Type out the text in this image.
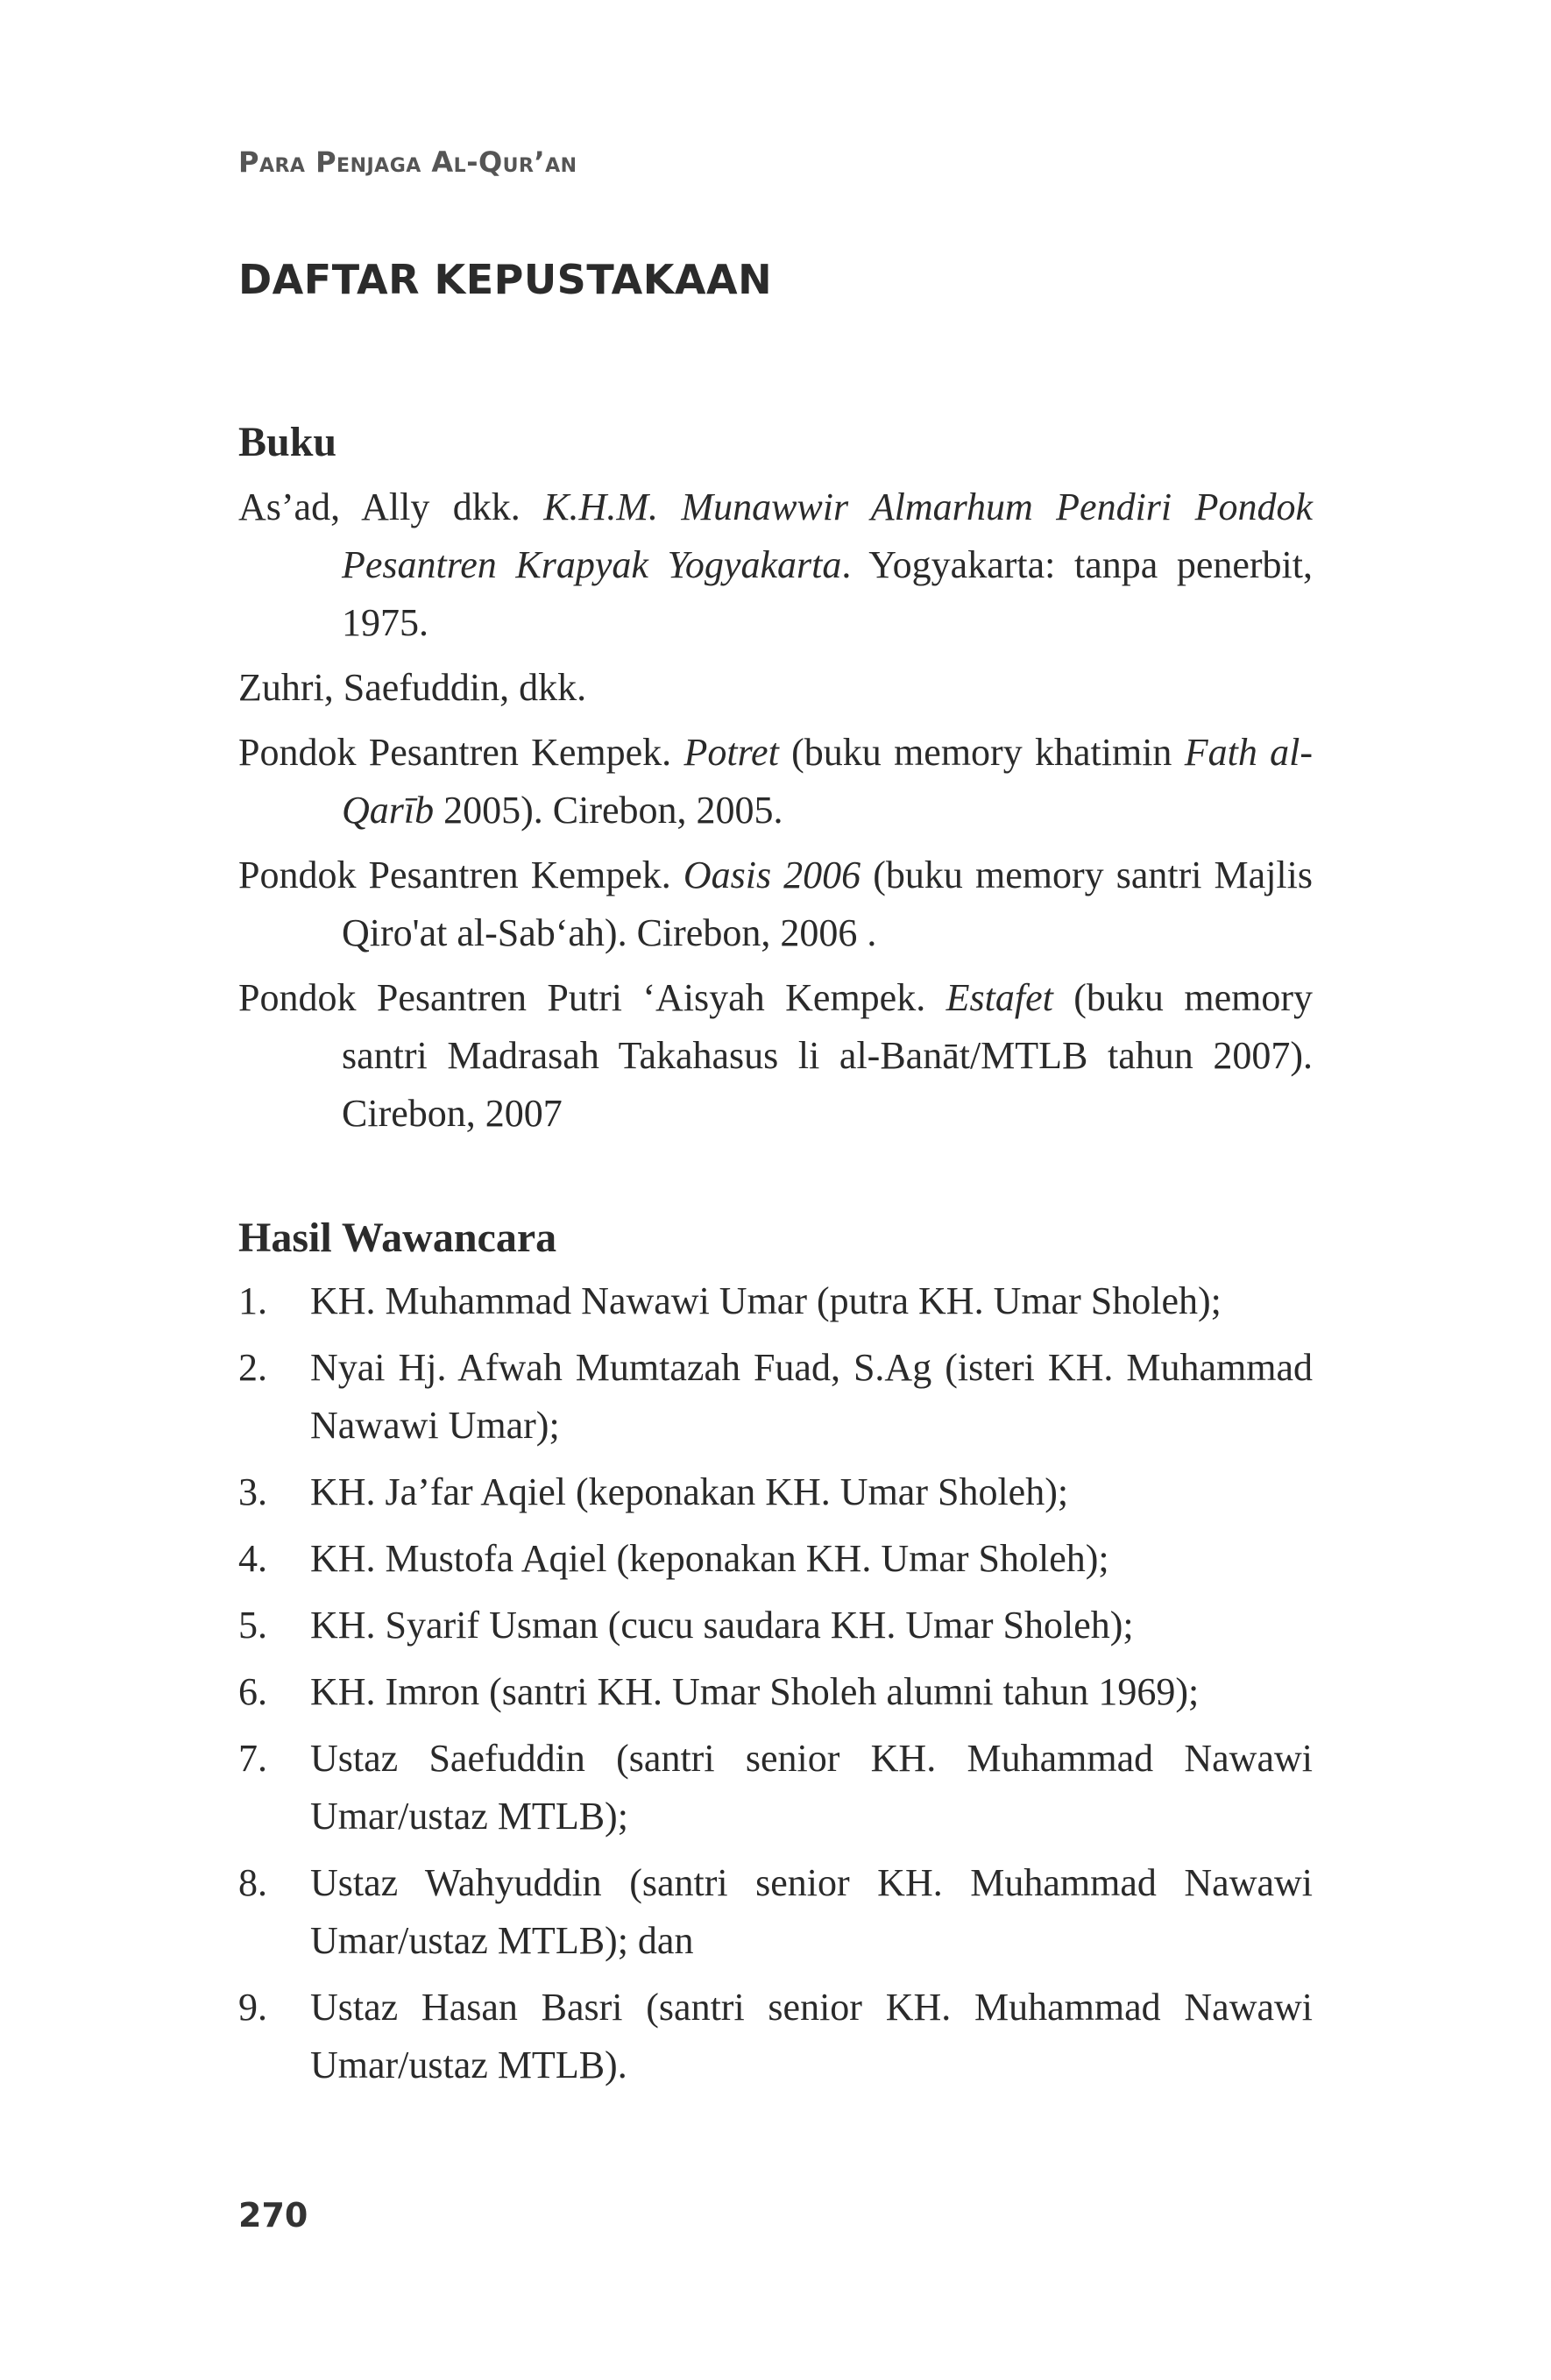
Para Penjaga Al-Qur’an
DAFTAR KEPUSTAKAAN
Buku

As’ad, Ally dkk. K.H.M. Munawwir Almarhum Pendiri Pondok Pesantren Krapyak Yogyakarta. Yogyakarta: tanpa penerbit, 1975.

Zuhri, Saefuddin, dkk.

Pondok Pesantren Kempek. Potret (buku memory khatimin Fath al-Qarīb 2005). Cirebon, 2005.

Pondok Pesantren Kempek. Oasis 2006 (buku memory santri Majlis Qiro'at al-Sab‘ah). Cirebon, 2006 .

Pondok Pesantren Putri ‘Aisyah Kempek. Estafet (buku memory santri Madrasah Takahasus li al-Banāt/MTLB tahun 2007). Cirebon, 2007

Hasil Wawancara
1. KH. Muhammad Nawawi Umar (putra KH. Umar Sholeh);
2. Nyai Hj. Afwah Mumtazah Fuad, S.Ag (isteri KH. Muhammad Nawawi Umar);
3. KH. Ja’far Aqiel (keponakan KH. Umar Sholeh);
4. KH. Mustofa Aqiel (keponakan KH. Umar Sholeh);
5. KH. Syarif Usman (cucu saudara KH. Umar Sholeh);
6. KH. Imron (santri KH. Umar Sholeh alumni tahun 1969);
7. Ustaz Saefuddin (santri senior KH. Muhammad Nawawi Umar/ustaz MTLB);
8. Ustaz Wahyuddin (santri senior KH. Muhammad Nawawi Umar/ustaz MTLB); dan
9. Ustaz Hasan Basri (santri senior KH. Muhammad Nawawi Umar/ustaz MTLB).
270
